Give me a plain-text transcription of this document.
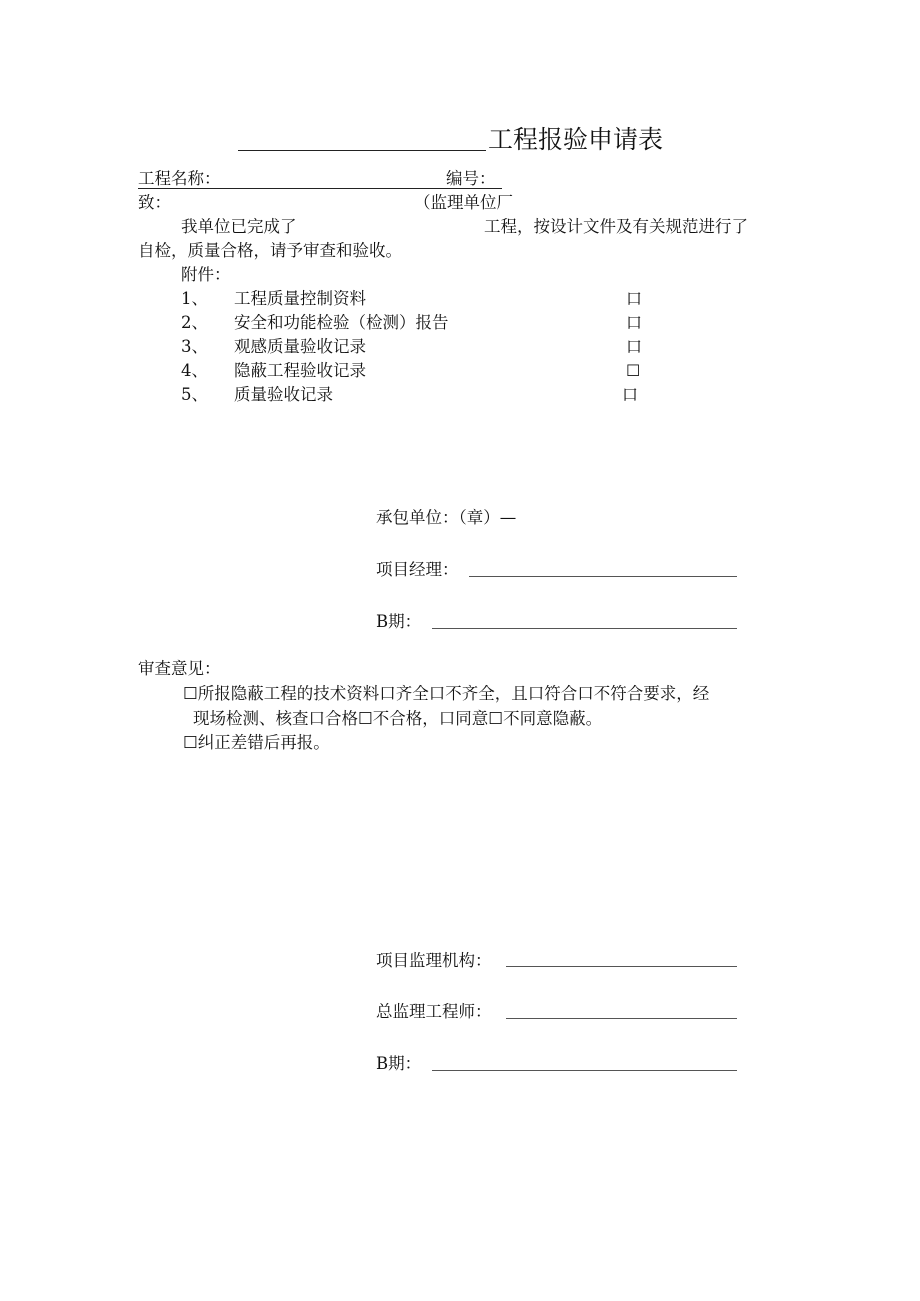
工程报验申请表
工程名称：	编号：
致：	（监理单位厂
我单位已完成了	工程，按设计文件及有关规范进行了
自检，质量合格，请予审查和验收。
附件：
1、 工程质量控制资料	口
2、 安全和功能检验（检测）报告	口
3、 观感质量验收记录	口
4、 隐蔽工程验收记录	☐
5、 质量验收记录	口
承包单位：（章）—
项目经理：
B期：
审查意见：
☐所报隐蔽工程的技术资料口齐全口不齐全，且口符合口不符合要求，经
现场检测、核查口合格☐不合格，口同意☐不同意隐蔽。
☐纠正差错后再报。
项目监理机构：
总监理工程师：
B期：
